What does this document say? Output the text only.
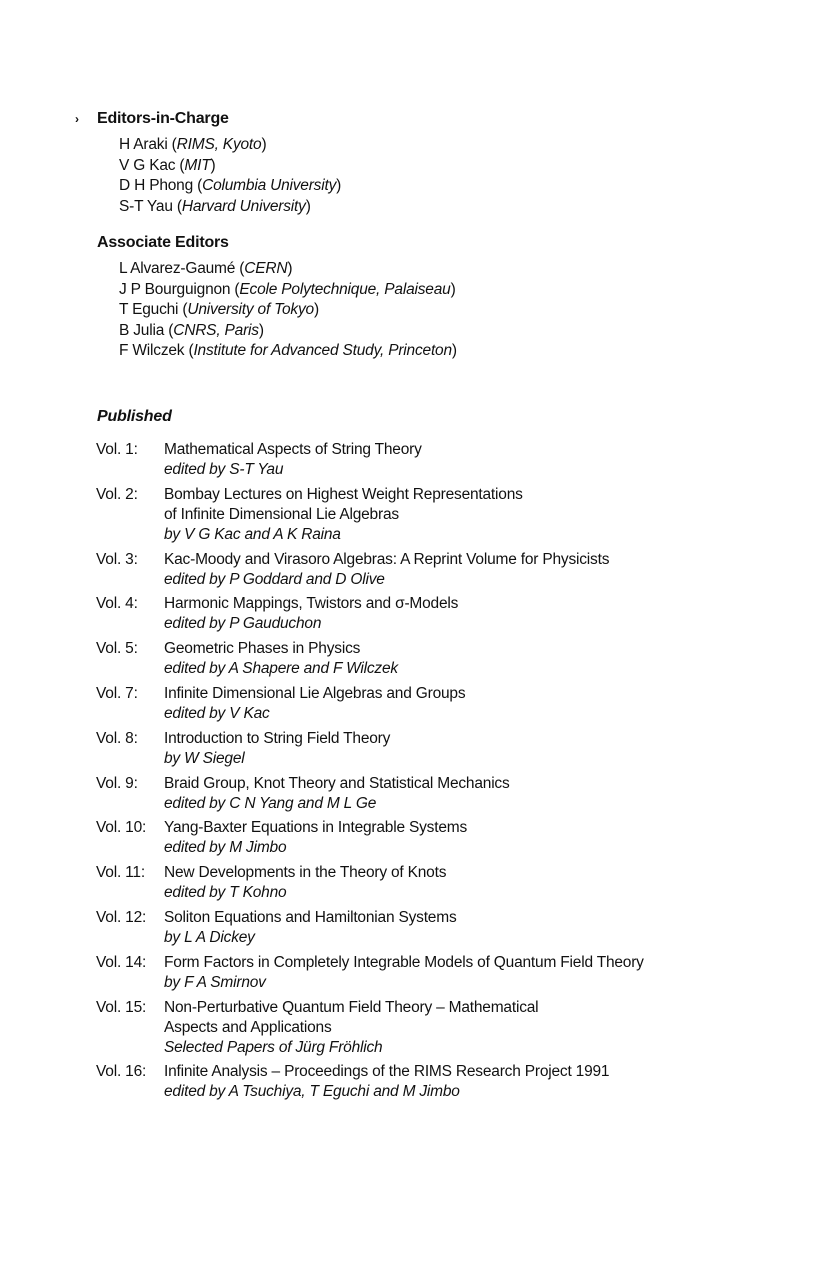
› Editors-in-Charge
H Araki (RIMS, Kyoto)
V G Kac (MIT)
D H Phong (Columbia University)
S-T Yau (Harvard University)
Associate Editors
L Alvarez-Gaumé (CERN)
J P Bourguignon (Ecole Polytechnique, Palaiseau)
T Eguchi (University of Tokyo)
B Julia (CNRS, Paris)
F Wilczek (Institute for Advanced Study, Princeton)
Published
Vol. 1:	Mathematical Aspects of String Theory
edited by S-T Yau
Vol. 2:	Bombay Lectures on Highest Weight Representations
of Infinite Dimensional Lie Algebras
by V G Kac and A K Raina
Vol. 3:	Kac-Moody and Virasoro Algebras: A Reprint Volume for Physicists
edited by P Goddard and D Olive
Vol. 4:	Harmonic Mappings, Twistors and σ-Models
edited by P Gauduchon
Vol. 5:	Geometric Phases in Physics
edited by A Shapere and F Wilczek
Vol. 7:	Infinite Dimensional Lie Algebras and Groups
edited by V Kac
Vol. 8:	Introduction to String Field Theory
by W Siegel
Vol. 9:	Braid Group, Knot Theory and Statistical Mechanics
edited by C N Yang and M L Ge
Vol. 10:	Yang-Baxter Equations in Integrable Systems
edited by M Jimbo
Vol. 11:	New Developments in the Theory of Knots
edited by T Kohno
Vol. 12:	Soliton Equations and Hamiltonian Systems
by L A Dickey
Vol. 14:	Form Factors in Completely Integrable Models of Quantum Field Theory
by F A Smirnov
Vol. 15:	Non-Perturbative Quantum Field Theory – Mathematical
Aspects and Applications
Selected Papers of Jürg Fröhlich
Vol. 16:	Infinite Analysis – Proceedings of the RIMS Research Project 1991
edited by A Tsuchiya, T Eguchi and M Jimbo
